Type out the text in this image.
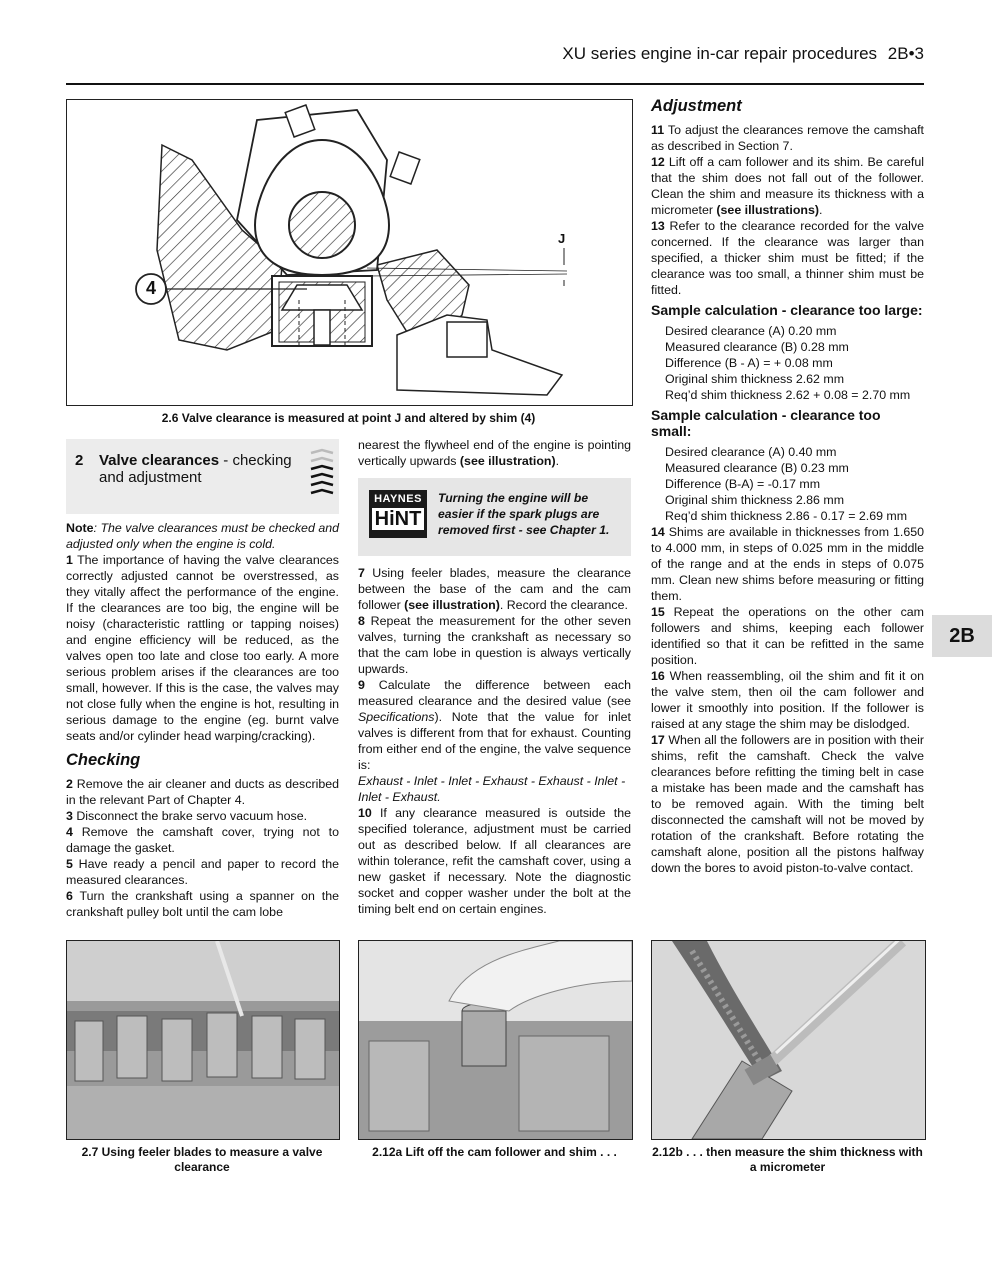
XU series engine in-car repair procedures 2B•3
4
J
2.6 Valve clearance is measured at point J and altered by shim (4)
2 Valve clearances - checking and adjustment

Note: The valve clearances must be checked and adjusted only when the engine is cold.

1 The importance of having the valve clearances correctly adjusted cannot be overstressed, as they vitally affect the performance of the engine. If the clearances are too big, the engine will be noisy (characteristic rattling or tapping noises) and engine efficiency will be reduced, as the valves open too late and close too early. A more serious problem arises if the clearances are too small, however. If this is the case, the valves may not close fully when the engine is hot, resulting in serious damage to the engine (eg. burnt valve seats and/or cylinder head warping/cracking).

Checking

2 Remove the air cleaner and ducts as described in the relevant Part of Chapter 4.

3 Disconnect the brake servo vacuum hose.

4 Remove the camshaft cover, trying not to damage the gasket.

5 Have ready a pencil and paper to record the measured clearances.

6 Turn the crankshaft using a spanner on the crankshaft pulley bolt until the cam lobe

nearest the flywheel end of the engine is pointing vertically upwards (see illustration).

HAYNES
HiNT
Turning the engine will be easier if the spark plugs are removed first - see Chapter 1.

7 Using feeler blades, measure the clearance between the base of the cam and the cam follower (see illustration). Record the clearance.

8 Repeat the measurement for the other seven valves, turning the crankshaft as necessary so that the cam lobe in question is always vertically upwards.

9 Calculate the difference between each measured clearance and the desired value (see Specifications). Note that the value for inlet valves is different from that for exhaust. Counting from either end of the engine, the valve sequence is:

Exhaust - Inlet - Inlet - Exhaust - Exhaust - Inlet - Inlet - Exhaust.

10 If any clearance measured is outside the specified tolerance, adjustment must be carried out as described below. If all clearances are within tolerance, refit the camshaft cover, using a new gasket if necessary. Note the diagnostic socket and copper washer under the bolt at the timing belt end on certain engines.

Adjustment

11 To adjust the clearances remove the camshaft as described in Section 7.

12 Lift off a cam follower and its shim. Be careful that the shim does not fall out of the follower. Clean the shim and measure its thickness with a micrometer (see illustrations).

13 Refer to the clearance recorded for the valve concerned. If the clearance was larger than specified, a thicker shim must be fitted; if the clearance was too small, a thinner shim must be fitted.

Sample calculation - clearance too large:
Desired clearance (A) 0.20 mm
Measured clearance (B) 0.28 mm
Difference (B - A) = + 0.08 mm
Original shim thickness 2.62 mm
Req’d shim thickness 2.62 + 0.08 = 2.70 mm
Sample calculation - clearance too small:
Desired clearance (A) 0.40 mm
Measured clearance (B) 0.23 mm
Difference (B-A) = -0.17 mm
Original shim thickness 2.86 mm
Req’d shim thickness 2.86 - 0.17 = 2.69 mm

14 Shims are available in thicknesses from 1.650 to 4.000 mm, in steps of 0.025 mm in the middle of the range and at the ends in steps of 0.075 mm. Clean new shims before measuring or fitting them.

15 Repeat the operations on the other cam followers and shims, keeping each follower identified so that it can be refitted in the same position.

16 When reassembling, oil the shim and fit it on the valve stem, then oil the cam follower and lower it smoothly into position. If the follower is raised at any stage the shim may be dislodged.

17 When all the followers are in position with their shims, refit the camshaft. Check the valve clearances before refitting the timing belt in case a mistake has been made and the camshaft has to be removed again. With the timing belt disconnected the camshaft will not be moved by rotation of the crankshaft. Before rotating the camshaft alone, position all the pistons halfway down the bores to avoid piston-to-valve contact.

2B
2.7 Using feeler blades to measure a valve clearance
2.12a Lift off the cam follower and shim . . .	2.12b . . . then measure the shim thickness with a micrometer
